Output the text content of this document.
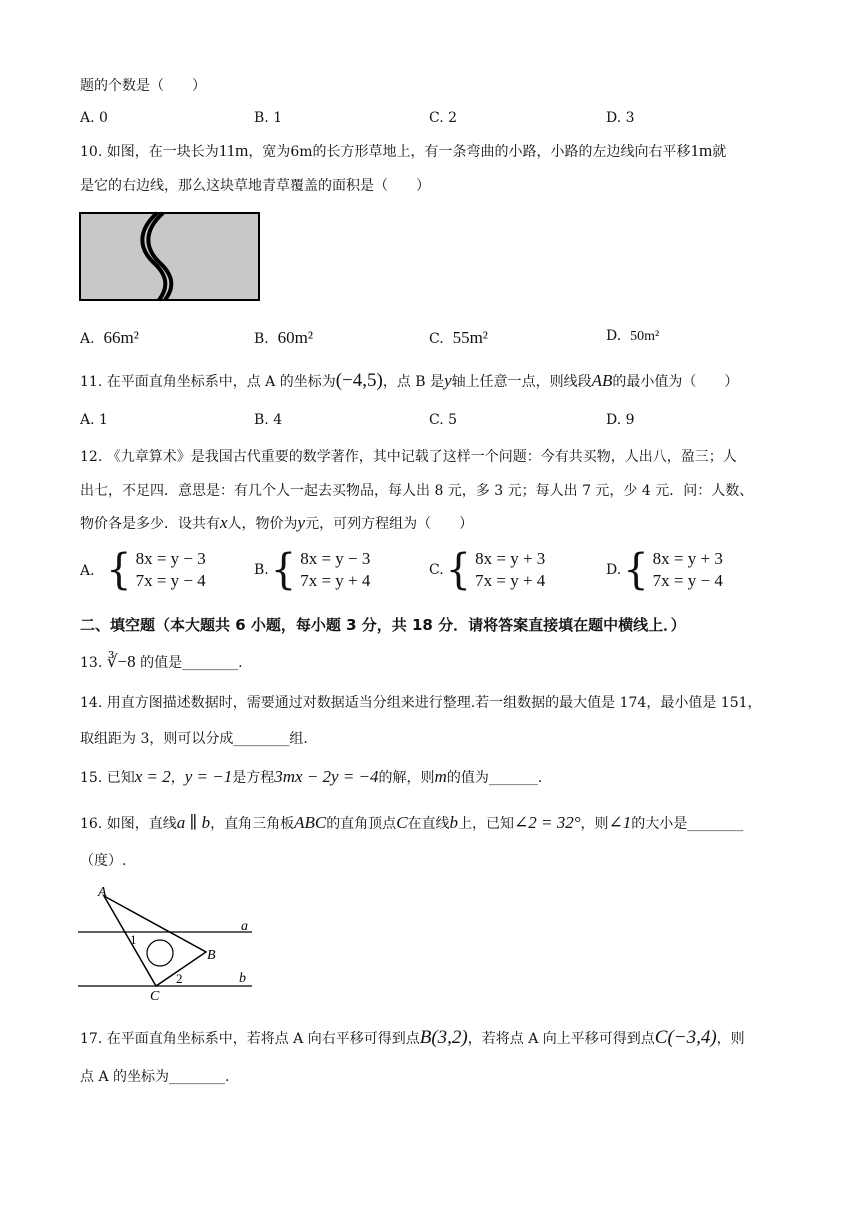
题的个数是（　　）
A. 0	B. 1	C. 2	D. 3
10. 如图，在一块长为11m，宽为6m的长方形草地上，有一条弯曲的小路，小路的左边线向右平移1m就
是它的右边线，那么这块草地青草覆盖的面积是（　　）
A. 66m²	B. 60m²	C. 55m²	D. 50m²
11. 在平面直角坐标系中，点 A 的坐标为(−4,5)，点 B 是y轴上任意一点，则线段AB的最小值为（　　）
A. 1	B. 4	C. 5	D. 9
12. 《九章算术》是我国古代重要的数学著作，其中记载了这样一个问题：今有共买物，人出八，盈三；人
出七，不足四．意思是：有几个人一起去买物品，每人出 8 元，多 3 元；每人出 7 元，少 4 元．问：人数、
物价各是多少．设共有x人，物价为y元，可列方程组为（　　）
A． { 8x = y − 3
7x = y − 4
B. { 8x = y − 3
7x = y + 4
C. { 8x = y + 3
7x = y + 4
D. { 8x = y + 3
7x = y − 4
二、填空题（本大题共 6 小题，每小题 3 分，共 18 分．请将答案直接填在题中横线上．）
13. ∛−8 的值是________.
14. 用直方图描述数据时，需要通过对数据适当分组来进行整理.若一组数据的最大值是 174，最小值是 151，
取组距为 3，则可以分成________组.
15. 已知x = 2，y = −1是方程3mx − 2y = −4的解，则m的值为_______.
16. 如图，直线a ∥ b，直角三角板ABC的直角顶点C在直线b上，已知∠2 = 32°，则∠1的大小是________
（度）.
A
B
C
a
b
1
2
17. 在平面直角坐标系中，若将点 A 向右平移可得到点B(3,2)，若将点 A 向上平移可得到点C(−3,4)，则
点 A 的坐标为________.
